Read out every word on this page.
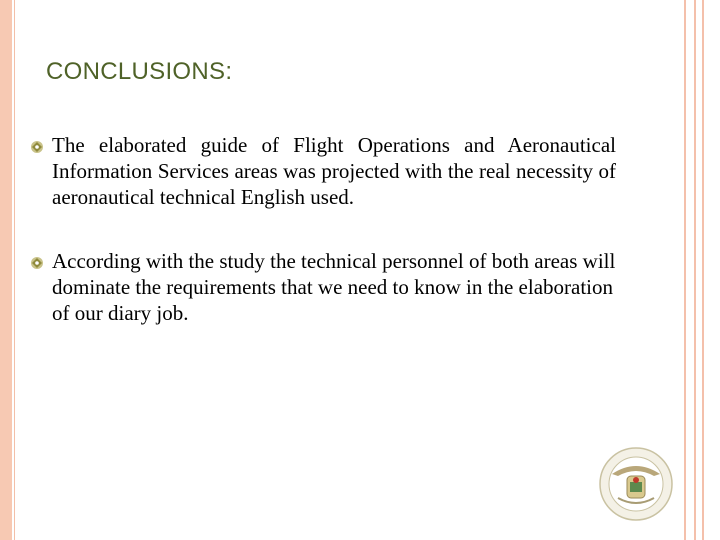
CONCLUSIONS:
The elaborated guide of Flight Operations and Aeronautical Information Services areas was projected with the real necessity of aeronautical technical English used.
According with the study the technical personnel of both areas will dominate the requirements that we need to know in the elaboration of our diary job.
